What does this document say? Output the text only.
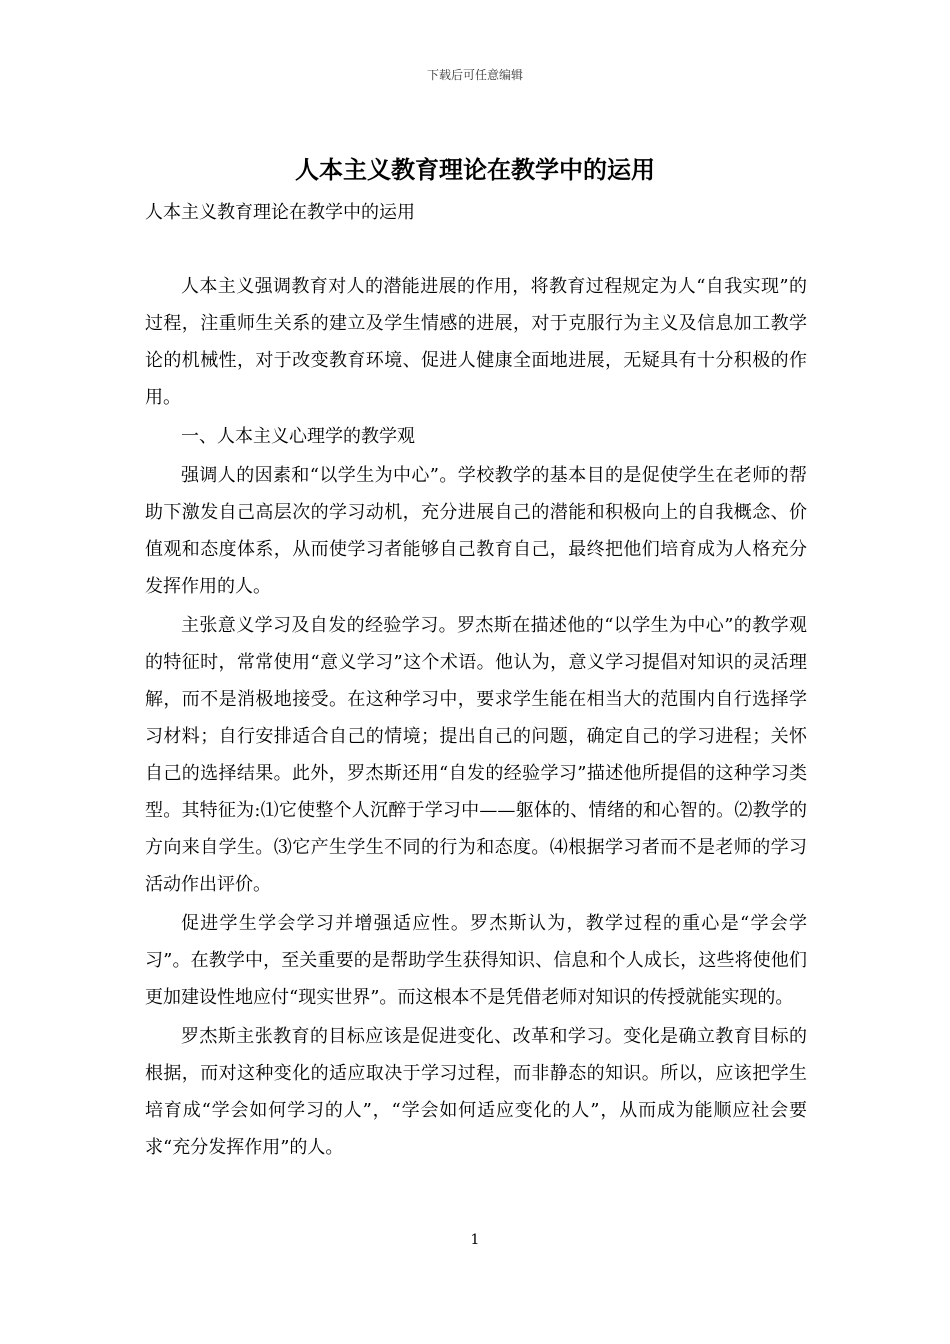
下载后可任意编辑
人本主义教育理论在教学中的运用
人本主义教育理论在教学中的运用

人本主义强调教育对人的潜能进展的作用，将教育过程规定为人“自我实现”的过程，注重师生关系的建立及学生情感的进展，对于克服行为主义及信息加工教学论的机械性，对于改变教育环境、促进人健康全面地进展，无疑具有十分积极的作用。

一、人本主义心理学的教学观

强调人的因素和“以学生为中心”。学校教学的基本目的是促使学生在老师的帮助下激发自己高层次的学习动机，充分进展自己的潜能和积极向上的自我概念、价值观和态度体系，从而使学习者能够自己教育自己，最终把他们培育成为人格充分发挥作用的人。

主张意义学习及自发的经验学习。罗杰斯在描述他的“以学生为中心”的教学观的特征时，常常使用“意义学习”这个术语。他认为，意义学习提倡对知识的灵活理解，而不是消极地接受。在这种学习中，要求学生能在相当大的范围内自行选择学习材料；自行安排适合自己的情境；提出自己的问题，确定自己的学习进程；关怀自己的选择结果。此外，罗杰斯还用“自发的经验学习”描述他所提倡的这种学习类型。其特征为:⑴它使整个人沉醉于学习中——躯体的、情绪的和心智的。⑵教学的方向来自学生。⑶它产生学生不同的行为和态度。⑷根据学习者而不是老师的学习活动作出评价。

促进学生学会学习并增强适应性。罗杰斯认为，教学过程的重心是“学会学习”。在教学中，至关重要的是帮助学生获得知识、信息和个人成长，这些将使他们更加建设性地应付“现实世界”。而这根本不是凭借老师对知识的传授就能实现的。

罗杰斯主张教育的目标应该是促进变化、改革和学习。变化是确立教育目标的根据，而对这种变化的适应取决于学习过程，而非静态的知识。所以，应该把学生培育成“学会如何学习的人”，“学会如何适应变化的人”，从而成为能顺应社会要求“充分发挥作用”的人。

1
